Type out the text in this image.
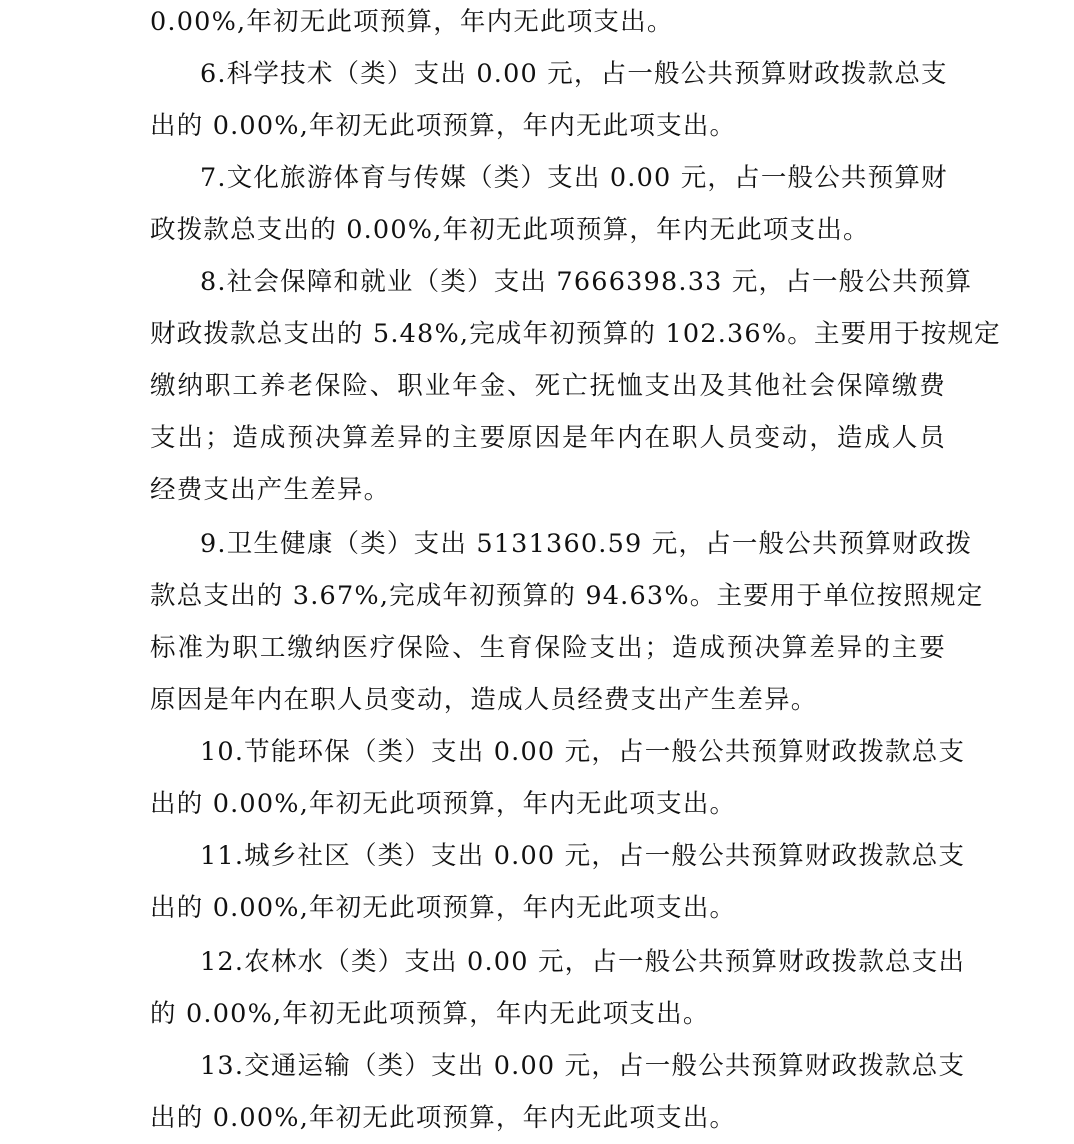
0.00%,年初无此项预算，年内无此项支出。
6.科学技术（类）支出 0.00 元，占一般公共预算财政拨款总支
出的 0.00%,年初无此项预算，年内无此项支出。
7.文化旅游体育与传媒（类）支出 0.00 元，占一般公共预算财
政拨款总支出的 0.00%,年初无此项预算，年内无此项支出。
8.社会保障和就业（类）支出 7666398.33 元，占一般公共预算
财政拨款总支出的 5.48%,完成年初预算的 102.36%。主要用于按规定
缴纳职工养老保险、职业年金、死亡抚恤支出及其他社会保障缴费
支出；造成预决算差异的主要原因是年内在职人员变动，造成人员
经费支出产生差异。
9.卫生健康（类）支出 5131360.59 元，占一般公共预算财政拨
款总支出的 3.67%,完成年初预算的 94.63%。主要用于单位按照规定
标准为职工缴纳医疗保险、生育保险支出；造成预决算差异的主要
原因是年内在职人员变动，造成人员经费支出产生差异。
10.节能环保（类）支出 0.00 元，占一般公共预算财政拨款总支
出的 0.00%,年初无此项预算，年内无此项支出。
11.城乡社区（类）支出 0.00 元，占一般公共预算财政拨款总支
出的 0.00%,年初无此项预算，年内无此项支出。
12.农林水（类）支出 0.00 元，占一般公共预算财政拨款总支出
的 0.00%,年初无此项预算，年内无此项支出。
13.交通运输（类）支出 0.00 元，占一般公共预算财政拨款总支
出的 0.00%,年初无此项预算，年内无此项支出。
